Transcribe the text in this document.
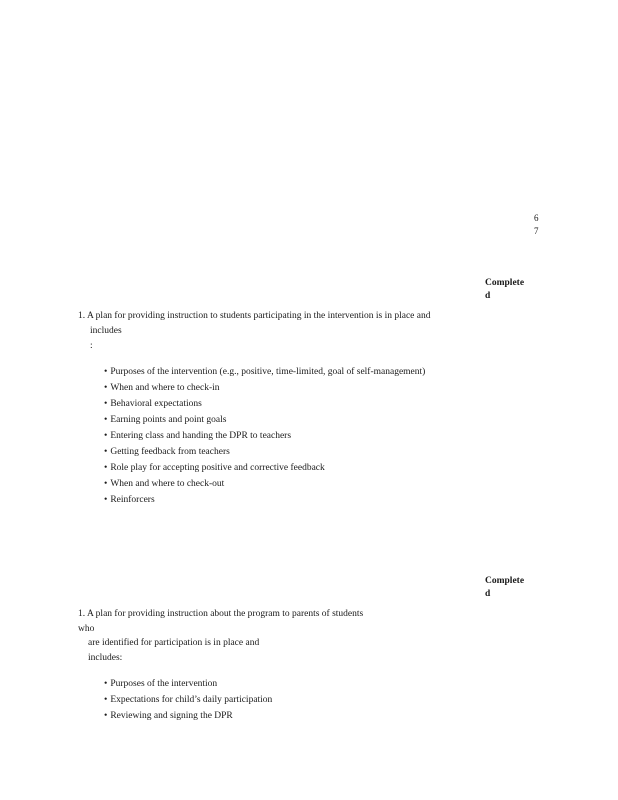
6
7
Complete
d
1. A plan for providing instruction to students participating in the intervention is in place and
includes
:
• Purposes of the intervention (e.g., positive, time-limited, goal of self-management)
• When and where to check-in
• Behavioral expectations
• Earning points and point goals
• Entering class and handing the DPR to teachers
• Getting feedback from teachers
• Role play for accepting positive and corrective feedback
• When and where to check-out
• Reinforcers
Complete
d
1. A plan for providing instruction about the program to parents of students
who
are identified for participation is in place and
includes:
• Purposes of the intervention
• Expectations for child’s daily participation
• Reviewing and signing the DPR
